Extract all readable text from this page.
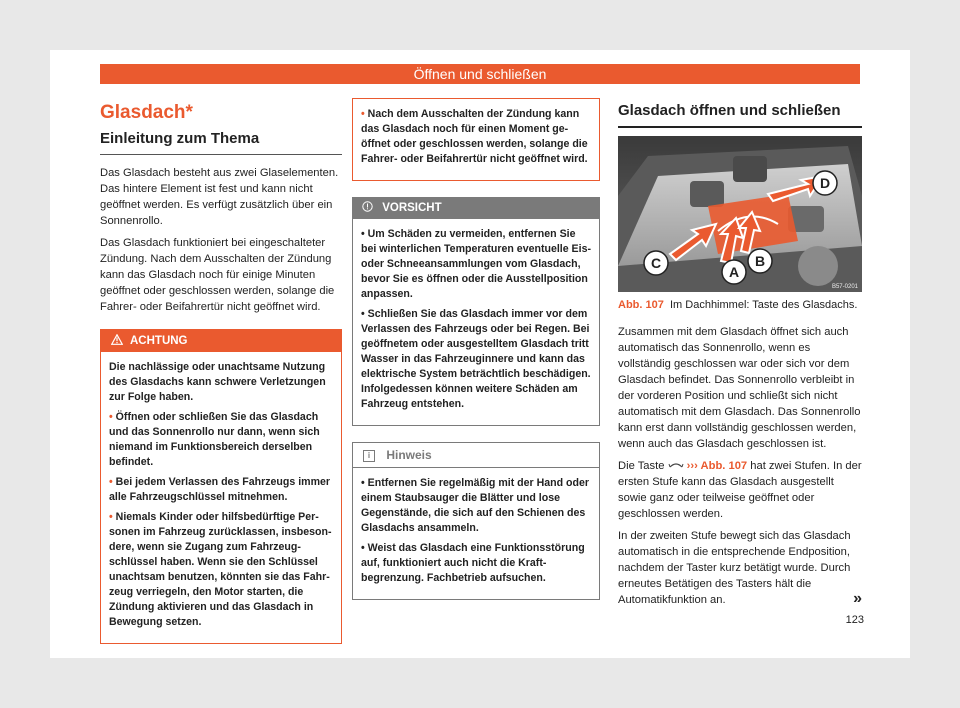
Öffnen und schließen
Glasdach*
Einleitung zum Thema

Das Glasdach besteht aus zwei Glaselementen. Das hintere Element ist fest und kann nicht geöffnet werden. Es verfügt zusätzlich über ein Sonnenrollo.

Das Glasdach funktioniert bei eingeschalteter Zündung. Nach dem Ausschalten der Zündung kann das Glasdach noch für einige Minuten geöffnet oder geschlossen werden, solange die Fahrer- oder Beifahrertür nicht geöffnet wird.

ACHTUNG

Die nachlässige oder unachtsame Nutzung des Glasdachs kann schwere Verletzungen zur Folge haben.

• Öffnen oder schließen Sie das Glasdach und das Sonnenrollo nur dann, wenn sich niemand im Funktionsbereich derselben befindet.

• Bei jedem Verlassen des Fahrzeugs immer alle Fahrzeugschlüssel mitnehmen.

• Niemals Kinder oder hilfsbedürftige Personen im Fahrzeug zurücklassen, insbesondere, wenn sie Zugang zum Fahrzeugschlüssel haben. Wenn sie den Schlüssel unachtsam benutzen, könnten sie das Fahrzeug verriegeln, den Motor starten, die Zündung aktivieren und das Glasdach in Bewegung setzen.

• Nach dem Ausschalten der Zündung kann das Glasdach noch für einen Moment geöffnet oder geschlossen werden, solange die Fahrer- oder Beifahrertür nicht geöffnet wird.

VORSICHT

• Um Schäden zu vermeiden, entfernen Sie bei winterlichen Temperaturen eventuelle Eis- oder Schneeansammlungen vom Glasdach, bevor Sie es öffnen oder die Ausstellposition anpassen.

• Schließen Sie das Glasdach immer vor dem Verlassen des Fahrzeugs oder bei Regen. Bei geöffnetem oder ausgestelltem Glasdach tritt Wasser in das Fahrzeuginnere und kann das elektrische System beträchtlich beschädigen. Infolgedessen können weitere Schäden am Fahrzeug entstehen.

i Hinweis

• Entfernen Sie regelmäßig mit der Hand oder einem Staubsauger die Blätter und lose Gegenstände, die sich auf den Schienen des Glasdachs ansammeln.

• Weist das Glasdach eine Funktionsstörung auf, funktioniert auch nicht die Kraftbegrenzung. Fachbetrieb aufsuchen.

Glasdach öffnen und schließen
D
C
A
B
B57-0201
Abb. 107 Im Dachhimmel: Taste des Glasdachs.

Zusammen mit dem Glasdach öffnet sich auch automatisch das Sonnenrollo, wenn es vollständig geschlossen war oder sich vor dem Glasdach befindet. Das Sonnenrollo verbleibt in der vorderen Position und schließt sich nicht automatisch mit dem Glasdach. Das Sonnenrollo kann erst dann vollständig geschlossen werden, wenn auch das Glasdach geschlossen ist.

Die Taste ››› Abb. 107 hat zwei Stufen. In der ersten Stufe kann das Glasdach ausgestellt sowie ganz oder teilweise geöffnet oder geschlossen werden.

In der zweiten Stufe bewegt sich das Glasdach automatisch in die entsprechende Endposition, nachdem der Taster kurz betätigt wurde. Durch erneutes Betätigen des Tasters hält die Automatikfunktion an.	»
123
